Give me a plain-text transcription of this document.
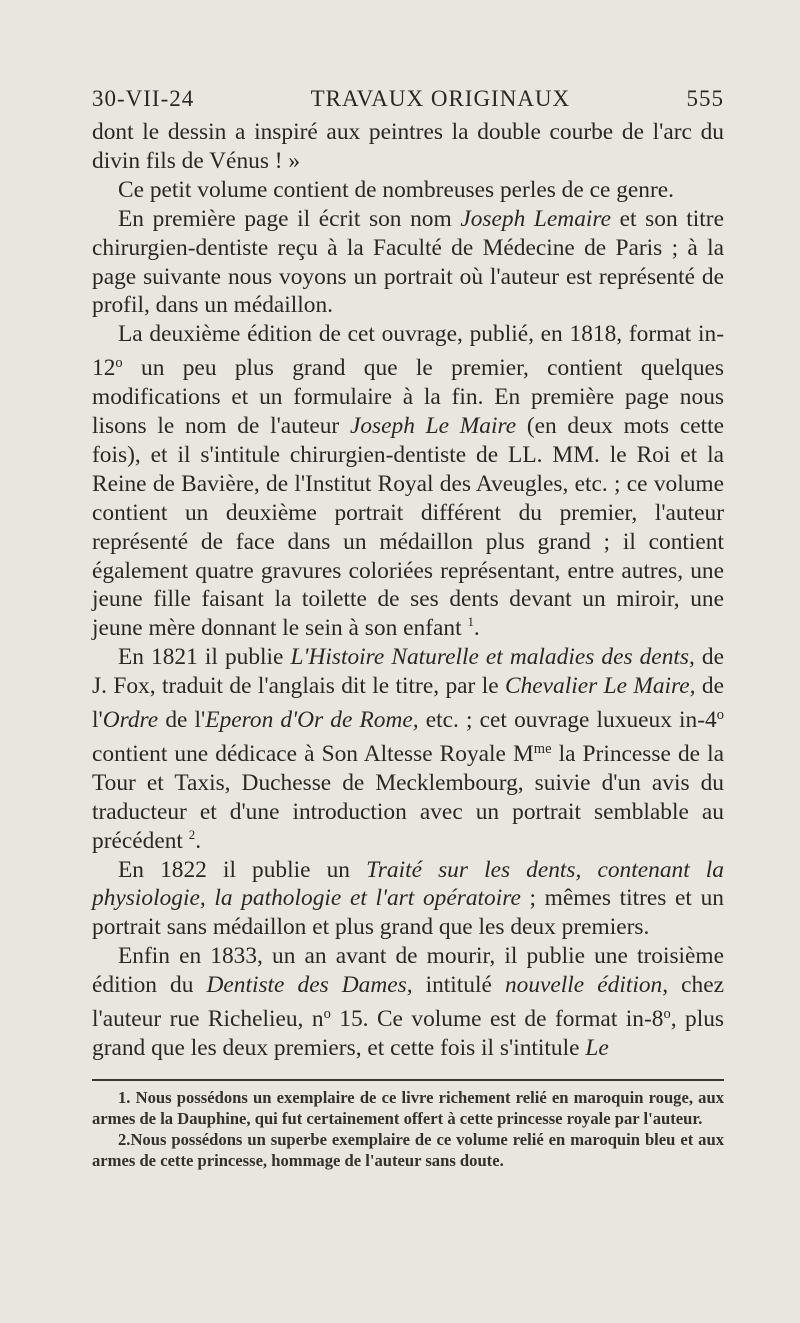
30-VII-24	TRAVAUX ORIGINAUX	555

dont le dessin a inspiré aux peintres la double courbe de l'arc du divin fils de Vénus ! »

Ce petit volume contient de nombreuses perles de ce genre.

En première page il écrit son nom Joseph Lemaire et son titre chirurgien-dentiste reçu à la Faculté de Médecine de Paris ; à la page suivante nous voyons un portrait où l'auteur est représenté de profil, dans un médaillon.

La deuxième édition de cet ouvrage, publié, en 1818, format in-12$^o$ un peu plus grand que le premier, contient quelques modifications et un formulaire à la fin. En première page nous lisons le nom de l'auteur Joseph Le Maire (en deux mots cette fois), et il s'intitule chirurgien-dentiste de LL. MM. le Roi et la Reine de Bavière, de l'Institut Royal des Aveugles, etc. ; ce volume contient un deuxième portrait différent du premier, l'auteur représenté de face dans un médaillon plus grand ; il contient également quatre gravures coloriées représentant, entre autres, une jeune fille faisant la toilette de ses dents devant un miroir, une jeune mère donnant le sein à son enfant $^1$.

En 1821 il publie L'Histoire Naturelle et maladies des dents, de J. Fox, traduit de l'anglais dit le titre, par le Chevalier Le Maire, de l'Ordre de l'Eperon d'Or de Rome, etc. ; cet ouvrage luxueux in-4$^o$ contient une dédicace à Son Altesse Royale $M^{me}$ la Princesse de la Tour et Taxis, Duchesse de Mecklembourg, suivie d'un avis du traducteur et d'une introduction avec un portrait semblable au précédent $^2$.

En 1822 il publie un Traité sur les dents, contenant la physiologie, la pathologie et l'art opératoire ; mêmes titres et un portrait sans médaillon et plus grand que les deux premiers.

Enfin en 1833, un an avant de mourir, il publie une troisième édition du Dentiste des Dames, intitulé nouvelle édition, chez l'auteur rue Richelieu, $n^o$ 15. Ce volume est de format in-8$^o$, plus grand que les deux premiers, et cette fois il s'intitule Le

1. Nous possédons un exemplaire de ce livre richement relié en maroquin rouge, aux armes de la Dauphine, qui fut certainement offert à cette princesse royale par l'auteur.

2.Nous possédons un superbe exemplaire de ce volume relié en maroquin bleu et aux armes de cette princesse, hommage de l'auteur sans doute.
